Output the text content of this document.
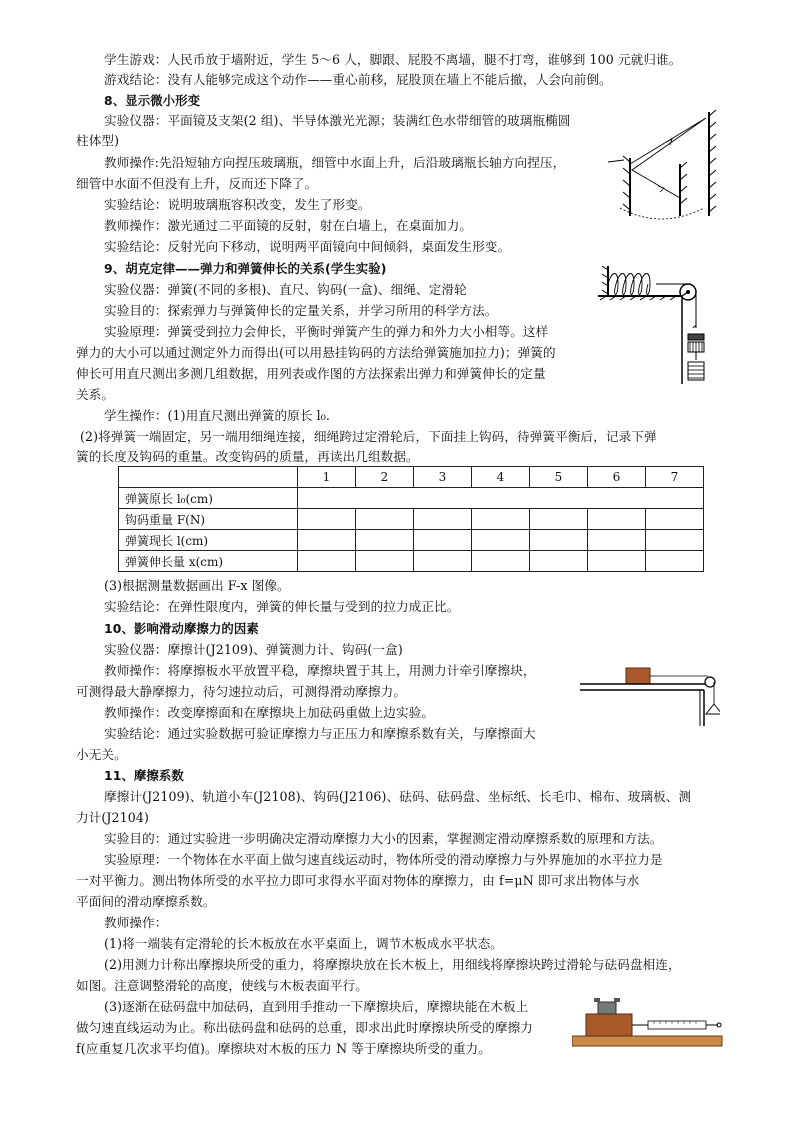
学生游戏：人民币放于墙附近，学生 5～6 人，脚跟、屁股不离墙，腿不打弯，谁够到 100 元就归谁。
游戏结论：没有人能够完成这个动作——重心前移，屁股顶在墙上不能后撤，人会向前倒。
8、显示微小形变
实验仪器：平面镜及支架(2 组)、半导体激光光源；装满红色水带细管的玻璃瓶椭圆
柱体型)
教师操作:先沿短轴方向捏压玻璃瓶，细管中水面上升，后沿玻璃瓶长轴方向捏压，
细管中水面不但没有上升，反而还下降了。
实验结论：说明玻璃瓶容积改变，发生了形变。
教师操作：激光通过二平面镜的反射，射在白墙上，在桌面加力。
实验结论：反射光向下移动，说明两平面镜向中间倾斜，桌面发生形变。
9、胡克定律——弹力和弹簧伸长的关系(学生实验)
实验仪器：弹簧(不同的多根)、直尺、钩码(一盒)、细绳、定滑轮
实验目的：探索弹力与弹簧伸长的定量关系，并学习所用的科学方法。
实验原理：弹簧受到拉力会伸长，平衡时弹簧产生的弹力和外力大小相等。这样
弹力的大小可以通过测定外力而得出(可以用悬挂钩码的方法给弹簧施加拉力)；弹簧的
伸长可用直尺测出多测几组数据，用列表或作图的方法探索出弹力和弹簧伸长的定量
关系。
学生操作：(1)用直尺测出弹簧的原长 l₀.
(2)将弹簧一端固定，另一端用细绳连接，细绳跨过定滑轮后，下面挂上钩码，待弹簧平衡后，记录下弹
簧的长度及钩码的重量。改变钩码的质量，再读出几组数据。
	1	2	3	4	5	6	7
弹簧原长 l₀(cm)							
钩码重量 F(N)							
弹簧现长 l(cm)							
弹簧伸长量 x(cm)							
(3)根据测量数据画出 F-x 图像。
实验结论：在弹性限度内，弹簧的伸长量与受到的拉力成正比。
10、影响滑动摩擦力的因素
实验仪器：摩擦计(J2109)、弹簧测力计、钩码(一盒)
教师操作：将摩擦板水平放置平稳，摩擦块置于其上，用测力计牵引摩擦块，
可测得最大静摩擦力，待匀速拉动后，可测得滑动摩擦力。
教师操作：改变摩擦面和在摩擦块上加砝码重做上边实验。
实验结论：通过实验数据可验证摩擦力与正压力和摩擦系数有关，与摩擦面大
小无关。
11、摩擦系数
摩擦计(J2109)、轨道小车(J2108)、钩码(J2106)、砝码、砝码盘、坐标纸、长毛巾、棉布、玻璃板、测
力计(J2104)
实验目的：通过实验进一步明确决定滑动摩擦力大小的因素，掌握测定滑动摩擦系数的原理和方法。
实验原理：一个物体在水平面上做匀速直线运动时，物体所受的滑动摩擦力与外界施加的水平拉力是
一对平衡力。测出物体所受的水平拉力即可求得水平面对物体的摩擦力，由 f=μN 即可求出物体与水
平面间的滑动摩擦系数。
教师操作：
(1)将一端装有定滑轮的长木板放在水平桌面上，调节木板成水平状态。
(2)用测力计称出摩擦块所受的重力，将摩擦块放在长木板上，用细线将摩擦块跨过滑轮与砝码盘相连，
如图。注意调整滑轮的高度，使线与木板表面平行。
(3)逐渐在砝码盘中加砝码，直到用手推动一下摩擦块后，摩擦块能在木板上
做匀速直线运动为止。称出砝码盘和砝码的总重，即求出此时摩擦块所受的摩擦力
f(应重复几次求平均值)。摩擦块对木板的压力 N 等于摩擦块所受的重力。
